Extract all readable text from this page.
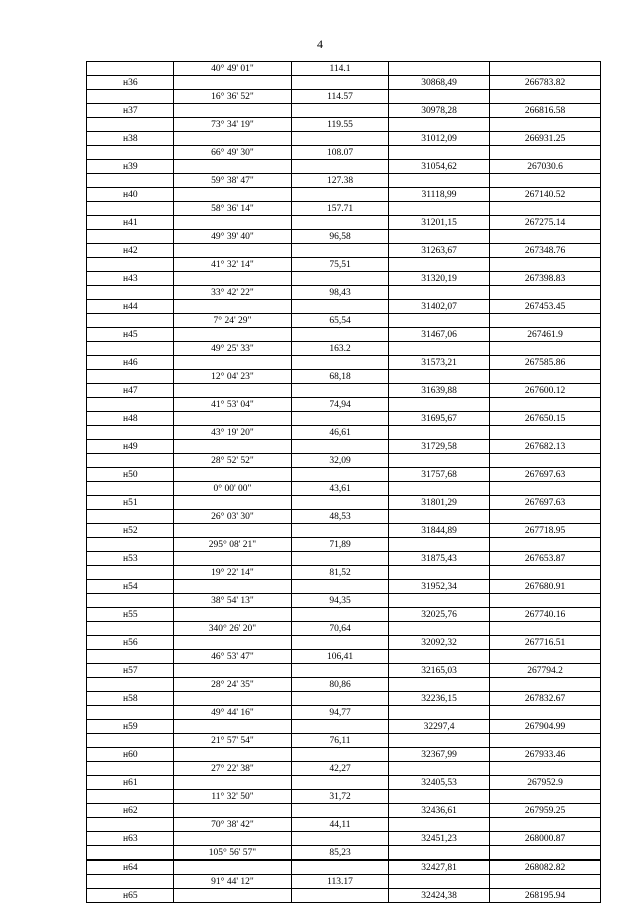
4
	40° 49' 01"	114.1		
н36			30868,49	266783.82
	16° 36' 52"	114.57		
н37			30978,28	266816.58
	73° 34' 19"	119.55		
н38			31012,09	266931.25
	66° 49' 30"	108.07		
н39			31054,62	267030.6
	59° 38' 47"	127.38		
н40			31118,99	267140.52
	58° 36' 14"	157.71		
н41			31201,15	267275.14
	49° 39' 40"	96,58		
н42			31263,67	267348.76
	41° 32' 14"	75,51		
н43			31320,19	267398.83
	33° 42' 22"	98,43		
н44			31402,07	267453.45
	7° 24' 29"	65,54		
н45			31467,06	267461.9
	49° 25' 33"	163.2		
н46			31573,21	267585.86
	12° 04' 23"	68,18		
н47			31639,88	267600.12
	41° 53' 04"	74,94		
н48			31695,67	267650.15
	43° 19' 20"	46,61		
н49			31729,58	267682.13
	28° 52' 52"	32,09		
н50			31757,68	267697.63
	0° 00' 00"	43,61		
н51			31801,29	267697.63
	26° 03' 30"	48,53		
н52			31844,89	267718.95
	295° 08' 21"	71,89		
н53			31875,43	267653.87
	19° 22' 14"	81,52		
н54			31952,34	267680.91
	38° 54' 13"	94,35		
н55			32025,76	267740.16
	340° 26' 20"	70,64		
н56			32092,32	267716.51
	46° 53' 47"	106,41		
н57			32165,03	267794.2
	28° 24' 35"	80,86		
н58			32236,15	267832.67
	49° 44' 16"	94,77		
н59			32297,4	267904.99
	21° 57' 54"	76,11		
н60			32367,99	267933.46
	27° 22' 38"	42,27		
н61			32405,53	267952.9
	11° 32' 50"	31,72		
н62			32436,61	267959.25
	70° 38' 42"	44,11		
н63			32451,23	268000.87
	105° 56' 57"	85,23		
н64			32427,81	268082.82
	91° 44' 12"	113.17		
н65			32424,38	268195.94
